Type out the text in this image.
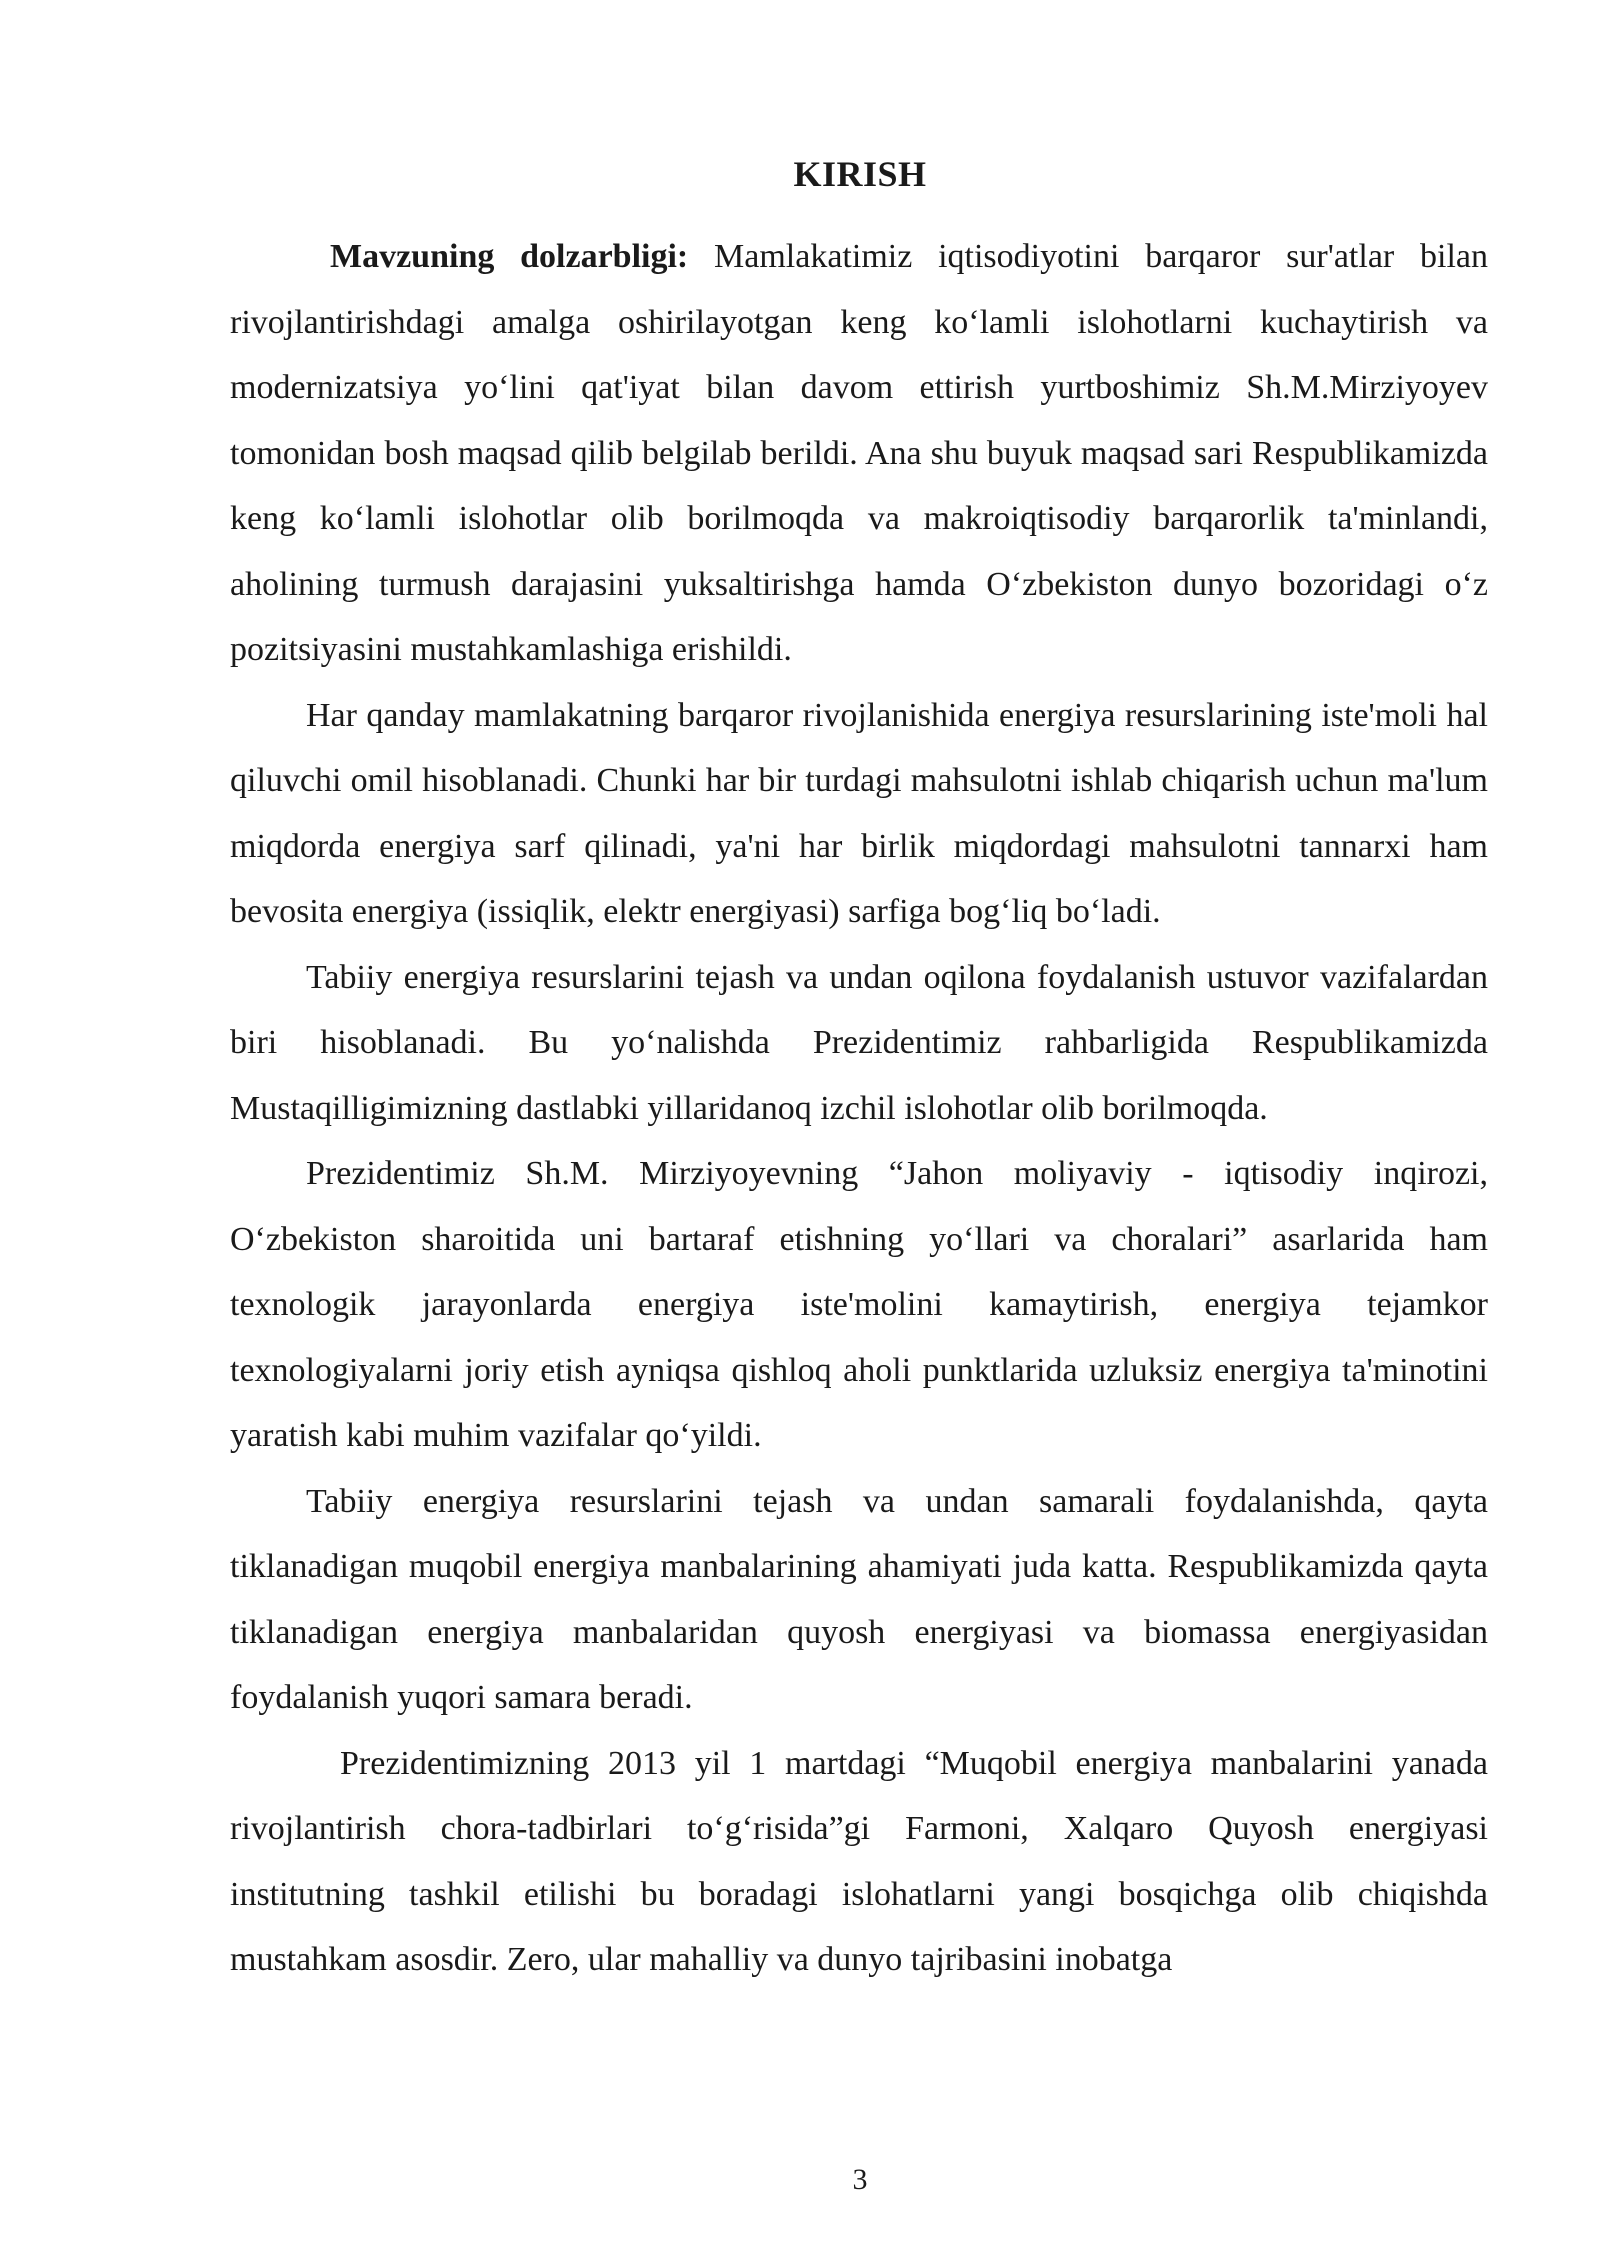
KIRISH

Mavzuning dolzarbligi: Mamlakatimiz iqtisodiyotini barqaror sur'atlar bilan rivojlantirishdagi amalga oshirilayotgan keng ko‘lamli islohotlarni kuchaytirish va modernizatsiya yo‘lini qat'iyat bilan davom ettirish yurtboshimiz Sh.M.Mirziyoyev tomonidan bosh maqsad qilib belgilab berildi. Ana shu buyuk maqsad sari Respublikamizda keng ko‘lamli islohotlar olib borilmoqda va makroiqtisodiy barqarorlik ta'minlandi, aholining turmush darajasini yuksaltirishga hamda O‘zbekiston dunyo bozoridagi o‘z pozitsiyasini mustahkamlashiga erishildi.

Har qanday mamlakatning barqaror rivojlanishida energiya resurslarining iste'moli hal qiluvchi omil hisoblanadi. Chunki har bir turdagi mahsulotni ishlab chiqarish uchun ma'lum miqdorda energiya sarf qilinadi, ya'ni har birlik miqdordagi mahsulotni tannarxi ham bevosita energiya (issiqlik, elektr energiyasi) sarfiga bog‘liq bo‘ladi.

Tabiiy energiya resurslarini tejash va undan oqilona foydalanish ustuvor vazifalardan biri hisoblanadi. Bu yo‘nalishda Prezidentimiz rahbarligida Respublikamizda Mustaqilligimizning dastlabki yillaridanoq izchil islohotlar olib borilmoqda.

Prezidentimiz Sh.M. Mirziyoyevning “Jahon moliyaviy - iqtisodiy inqirozi, O‘zbekiston sharoitida uni bartaraf etishning yo‘llari va choralari” asarlarida ham texnologik jarayonlarda energiya iste'molini kamaytirish, energiya tejamkor texnologiyalarni joriy etish ayniqsa qishloq aholi punktlarida uzluksiz energiya ta'minotini yaratish kabi muhim vazifalar qo‘yildi.

Tabiiy energiya resurslarini tejash va undan samarali foydalanishda, qayta tiklanadigan muqobil energiya manbalarining ahamiyati juda katta. Respublikamizda qayta tiklanadigan energiya manbalaridan quyosh energiyasi va biomassa energiyasidan foydalanish yuqori samara beradi.

Prezidentimizning 2013 yil 1 martdagi “Muqobil energiya manbalarini yanada rivojlantirish chora-tadbirlari to‘g‘risida”gi Farmoni, Xalqaro Quyosh energiyasi institutning tashkil etilishi bu boradagi islohatlarni yangi bosqichga olib chiqishda mustahkam asosdir. Zero, ular mahalliy va dunyo tajribasini inobatga

3
